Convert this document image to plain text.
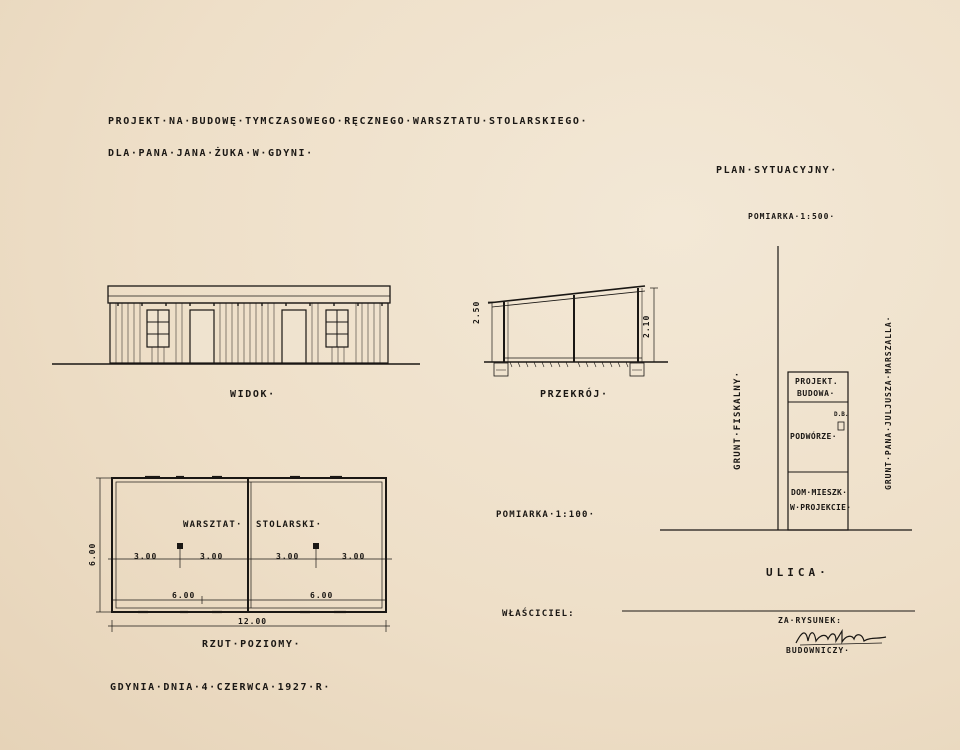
PROJEKT·NA·BUDOWĘ·TYMCZASOWEGO·RĘCZNEGO·WARSZTATU·STOLARSKIEGO·
DLA·PANA·JANA·ŻUKA·W·GDYNI·
WIDOK·
2.50
2.10
PRZEKRÓJ·
POMIARKA·1:100·
WARSZTAT· STOLARSKI·
6.00	3.00	3.00	3.00	3.00
6.00	6.00
12.00
RZUT·POZIOMY·
PLAN·SYTUACYJNY·
POMIARKA·1:500·
GRUNT·FISKALNY·	GRUNT·PANA·JULJUSZA·MARSZALLA·
PROJEKT.
BUDOWA·
PODWÓRZE·
D.B.
DOM·MIESZK·
W·PROJEKCIE·
ULICA·
WŁAŚCICIEL:
ZA·RYSUNEK:
BUDOWNICZY·
GDYNIA·DNIA·4·CZERWCA·1927·R·
